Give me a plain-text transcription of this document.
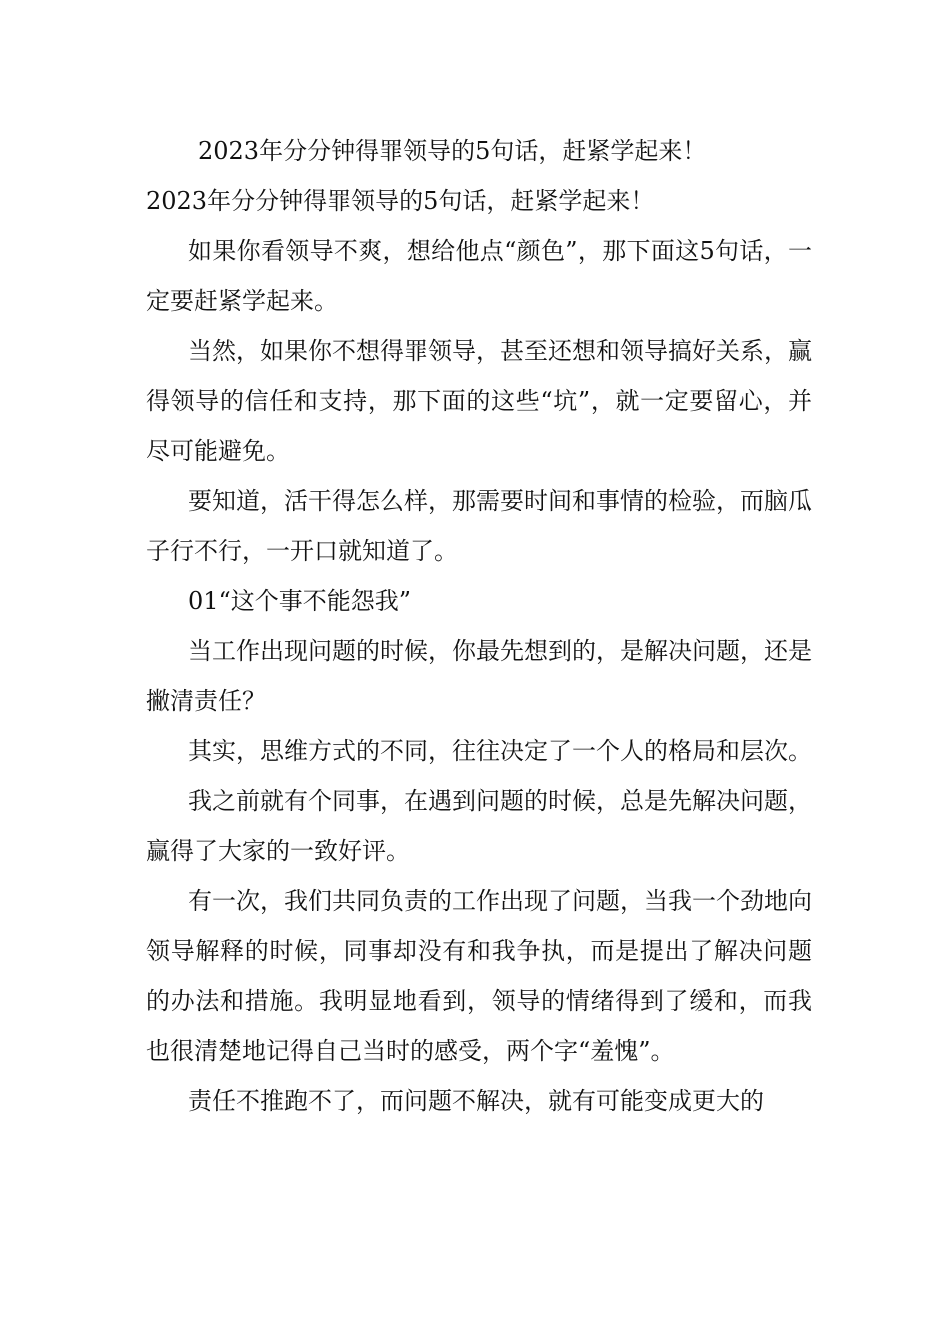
2023年分分钟得罪领导的5句话，赶紧学起来！

2023年分分钟得罪领导的5句话，赶紧学起来！

如果你看领导不爽，想给他点“颜色”，那下面这5句话，一定要赶紧学起来。

当然，如果你不想得罪领导，甚至还想和领导搞好关系，赢得领导的信任和支持，那下面的这些“坑”，就一定要留心，并尽可能避免。

要知道，活干得怎么样，那需要时间和事情的检验，而脑瓜子行不行，一开口就知道了。

01“这个事不能怨我”

当工作出现问题的时候，你最先想到的，是解决问题，还是撇清责任？

其实，思维方式的不同，往往决定了一个人的格局和层次。

我之前就有个同事，在遇到问题的时候，总是先解决问题，赢得了大家的一致好评。

有一次，我们共同负责的工作出现了问题，当我一个劲地向领导解释的时候，同事却没有和我争执，而是提出了解决问题的办法和措施。我明显地看到，领导的情绪得到了缓和，而我也很清楚地记得自己当时的感受，两个字“羞愧”。

责任不推跑不了，而问题不解决，就有可能变成更大的
